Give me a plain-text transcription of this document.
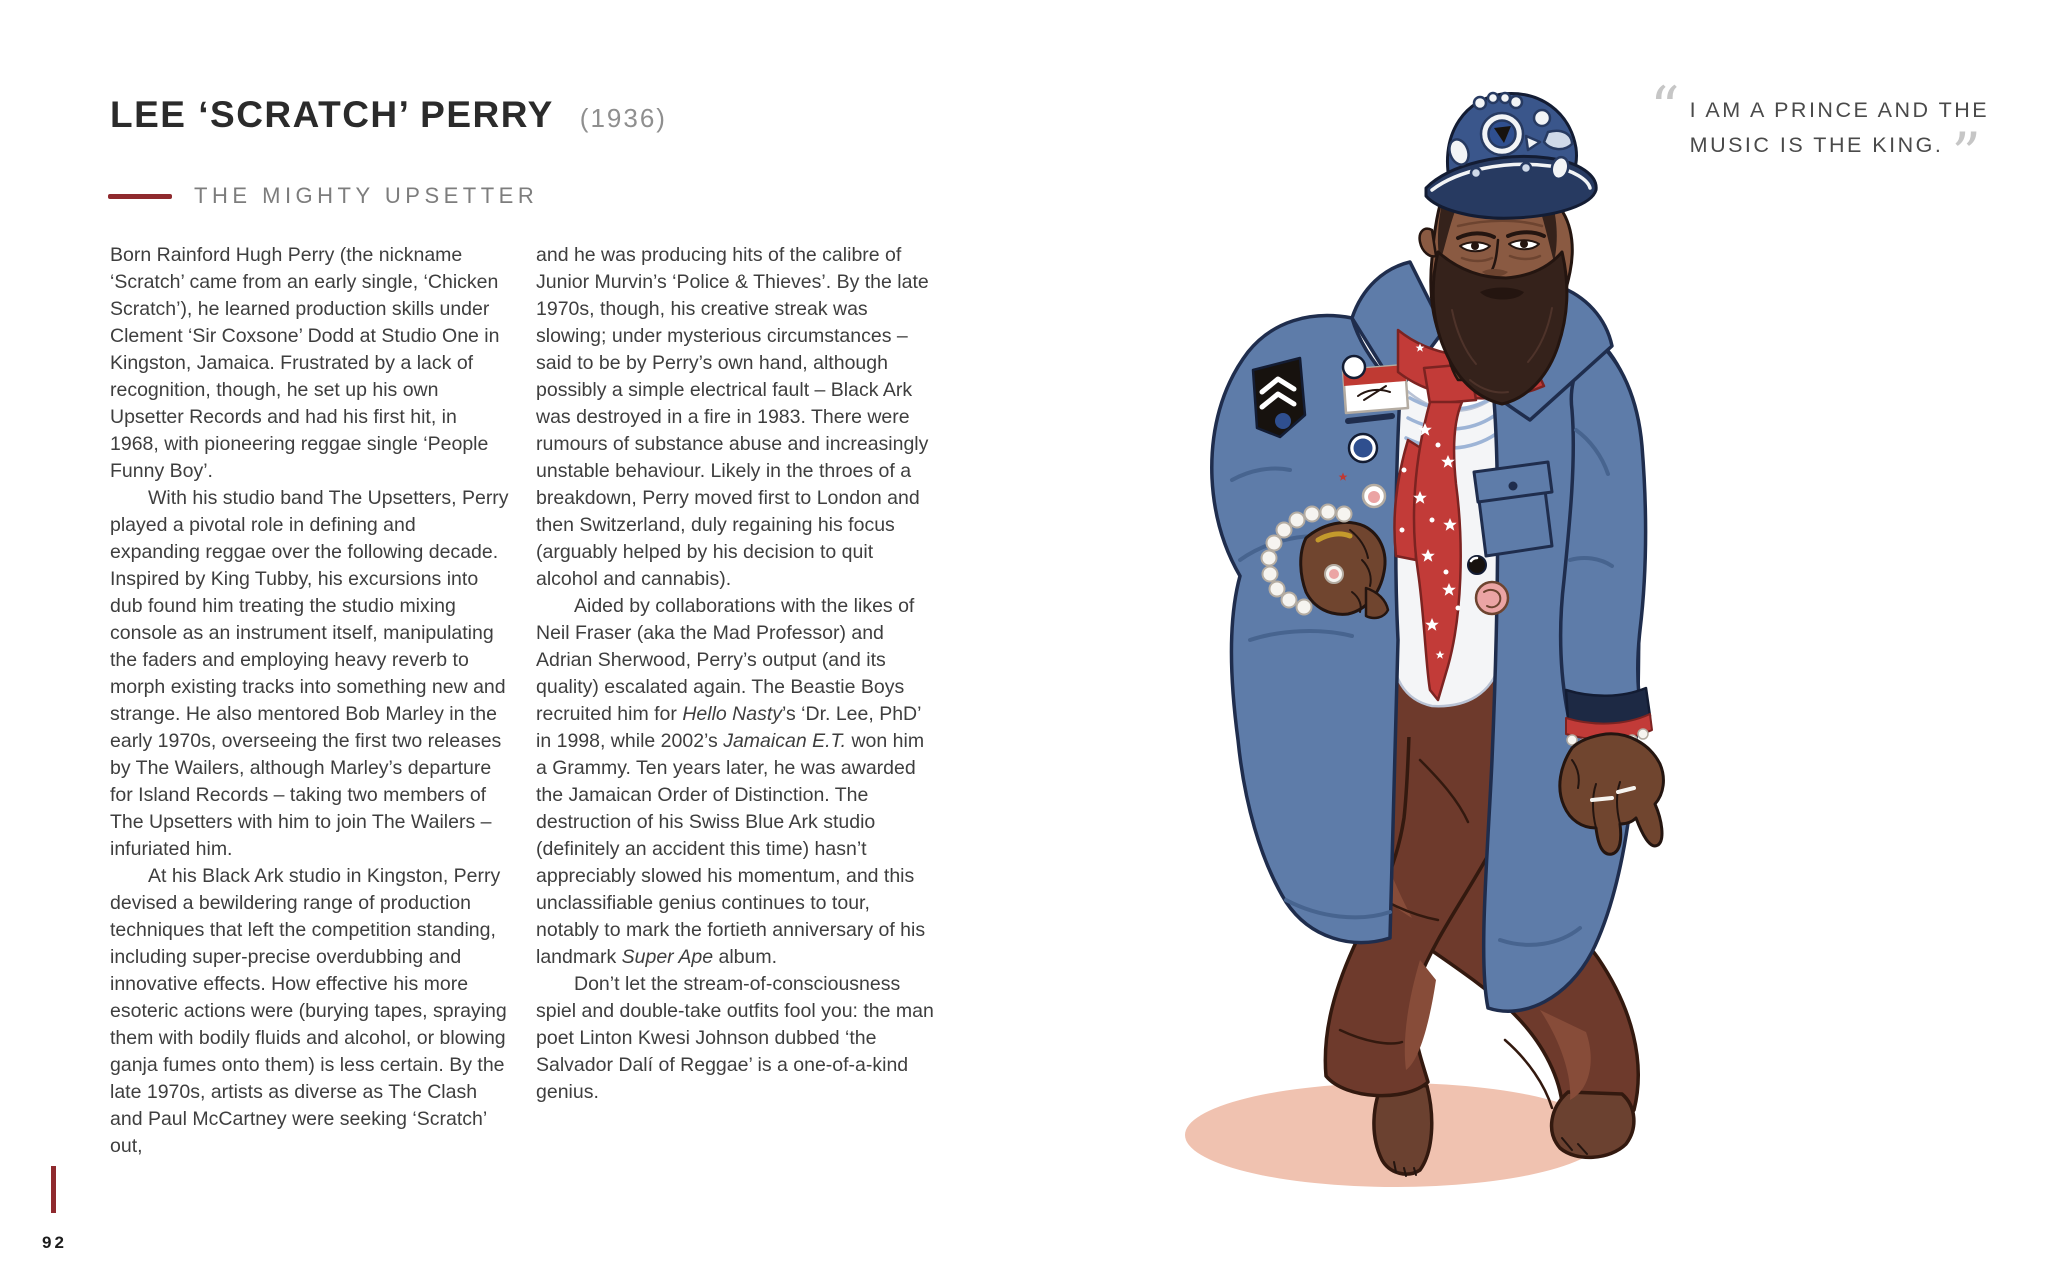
LEE ‘SCRATCH’ PERRY (1936)
THE MIGHTY UPSETTER

Born Rainford Hugh Perry (the nickname ‘Scratch’ came from an early single, ‘Chicken Scratch’), he learned production skills under Clement ‘Sir Coxsone’ Dodd at Studio One in Kingston, Jamaica. Frustrated by a lack of recognition, though, he set up his own Upsetter Records and had his first hit, in 1968, with pioneering reggae single ‘People Funny Boy’.

With his studio band The Upsetters, Perry played a pivotal role in defining and expanding reggae over the following decade. Inspired by King Tubby, his excursions into dub found him treating the studio mixing console as an instrument itself, manipulating the faders and employing heavy reverb to morph existing tracks into something new and strange. He also mentored Bob Marley in the early 1970s, overseeing the first two releases by The Wailers, although Marley’s departure for Island Records – taking two members of The Upsetters with him to join The Wailers – infuriated him.

At his Black Ark studio in Kingston, Perry devised a bewildering range of production techniques that left the competition standing, including super-precise overdubbing and innovative effects. How effective his more esoteric actions were (burying tapes, spraying them with bodily fluids and alcohol, or blowing ganja fumes onto them) is less certain. By the late 1970s, artists as diverse as The Clash and Paul McCartney were seeking ‘Scratch’ out,

and he was producing hits of the calibre of Junior Murvin’s ‘Police & Thieves’. By the late 1970s, though, his creative streak was slowing; under mysterious circumstances – said to be by Perry’s own hand, although possibly a simple electrical fault – Black Ark was destroyed in a fire in 1983. There were rumours of substance abuse and increasingly unstable behaviour. Likely in the throes of a breakdown, Perry moved first to London and then Switzerland, duly regaining his focus (arguably helped by his decision to quit alcohol and cannabis).

Aided by collaborations with the likes of Neil Fraser (aka the Mad Professor) and Adrian Sherwood, Perry’s output (and its quality) escalated again. The Beastie Boys recruited him for Hello Nasty’s ‘Dr. Lee, PhD’ in 1998, while 2002’s Jamaican E.T. won him a Grammy. Ten years later, he was awarded the Jamaican Order of Distinction. The destruction of his Swiss Blue Ark studio (definitely an accident this time) hasn’t appreciably slowed his momentum, and this unclassifiable genius continues to tour, notably to mark the fortieth anniversary of his landmark Super Ape album.

Don’t let the stream-of-consciousness spiel and double-take outfits fool you: the man poet Linton Kwesi Johnson dubbed ‘the Salvador Dalí of Reggae’ is a one-of-a-kind genius.

“ I AM A PRINCE AND THE
MUSIC IS THE KING. ”
92
